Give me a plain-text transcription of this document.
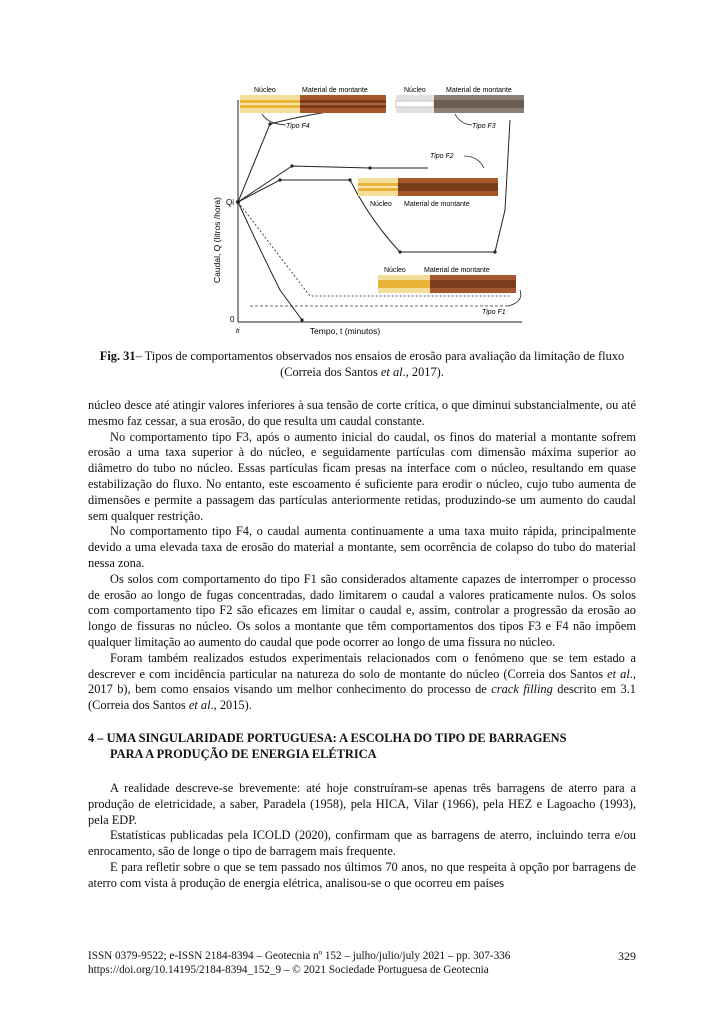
Caudal, Q (litros /hora)
Tempo, t (minutos)
Qi
ti
0
Núcleo	Material de montante
Tipo F4
Núcleo	Material de montante
Tipo F3
Tipo F2
Núcleo Material de montante
Núcleo	Material de montante
Tipo F1
Fig. 31– Tipos de comportamentos observados nos ensaios de erosão para avaliação da limitação de fluxo (Correia dos Santos et al., 2017).

núcleo desce até atingir valores inferiores à sua tensão de corte crítica, o que diminui substancialmente, ou até mesmo faz cessar, a sua erosão, do que resulta um caudal constante.

No comportamento tipo F3, após o aumento inicial do caudal, os finos do material a montante sofrem erosão a uma taxa superior à do núcleo, e seguidamente partículas com dimensão máxima superior ao diâmetro do tubo no núcleo. Essas partículas ficam presas na interface com o núcleo, resultando em quase estabilização do fluxo. No entanto, este escoamento é suficiente para erodir o núcleo, cujo tubo aumenta de dimensões e permite a passagem das partículas anteriormente retidas, produzindo-se um aumento do caudal sem qualquer restrição.

No comportamento tipo F4, o caudal aumenta continuamente a uma taxa muito rápida, principalmente devido a uma elevada taxa de erosão do material a montante, sem ocorrência de colapso do tubo do material nessa zona.

Os solos com comportamento do tipo F1 são considerados altamente capazes de interromper o processo de erosão ao longo de fugas concentradas, dado limitarem o caudal a valores praticamente nulos. Os solos com comportamento tipo F2 são eficazes em limitar o caudal e, assim, controlar a progressão da erosão ao longo de fissuras no núcleo. Os solos a montante que têm comportamentos dos tipos F3 e F4 não impõem qualquer limitação ao aumento do caudal que pode ocorrer ao longo de uma fissura no núcleo.

Foram também realizados estudos experimentais relacionados com o fenómeno que se tem estado a descrever e com incidência particular na natureza do solo de montante do núcleo (Correia dos Santos et al., 2017 b), bem como ensaios visando um melhor conhecimento do processo de crack filling descrito em 3.1 (Correia dos Santos et al., 2015).

4 – UMA SINGULARIDADE PORTUGUESA: A ESCOLHA DO TIPO DE BARRAGENS
PARA A PRODUÇÃO DE ENERGIA ELÉTRICA

A realidade descreve-se brevemente: até hoje construíram-se apenas três barragens de aterro para a produção de eletricidade, a saber, Paradela (1958), pela HICA, Vilar (1966), pela HEZ e Lagoacho (1993), pela EDP.

Estatísticas publicadas pela ICOLD (2020), confirmam que as barragens de aterro, incluindo terra e/ou enrocamento, são de longe o tipo de barragem mais frequente.

E para refletir sobre o que se tem passado nos últimos 70 anos, no que respeita à opção por barragens de aterro com vista à produção de energia elétrica, analisou-se o que ocorreu em países

ISSN 0379-9522; e-ISSN 2184-8394 – Geotecnia nº 152 – julho/julio/july 2021 – pp. 307-336
https://doi.org/10.14195/2184-8394_152_9 – © 2021 Sociedade Portuguesa de Geotecnia
329
